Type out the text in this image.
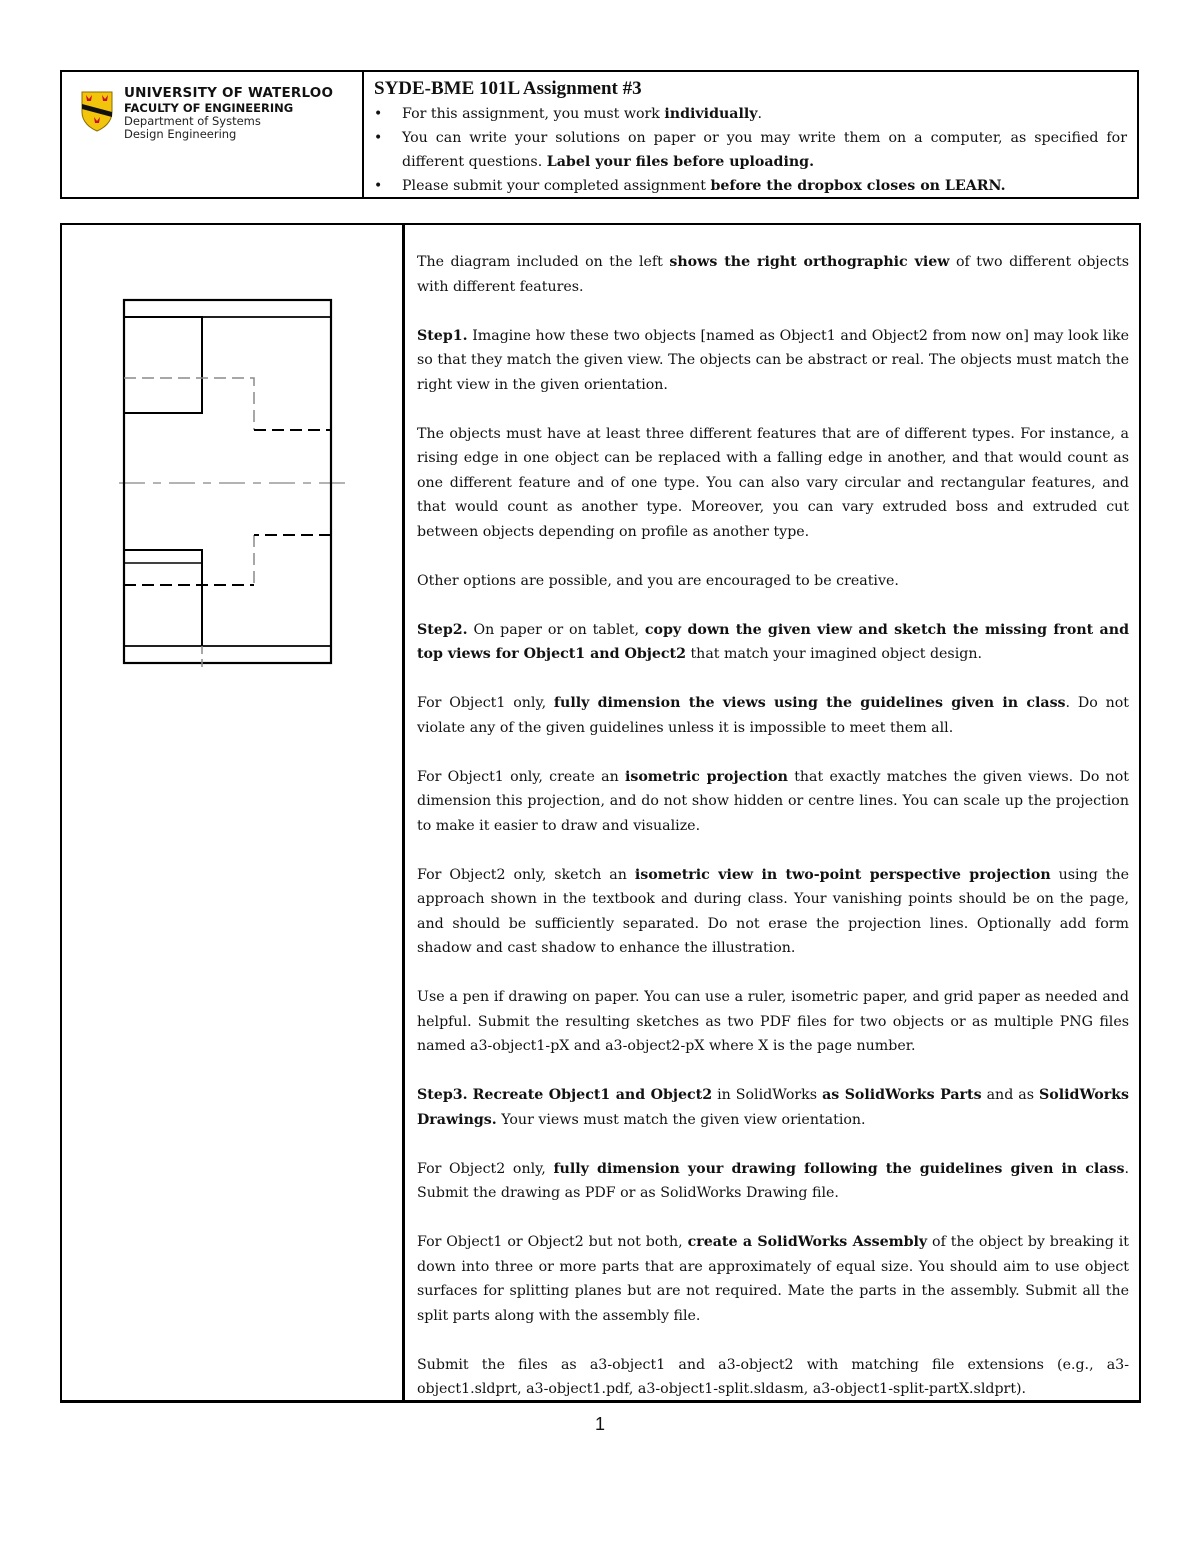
UNIVERSITY OF WATERLOO
FACULTY OF ENGINEERING
Department of Systems
Design Engineering
SYDE-BME 101L Assignment #3
• For this assignment, you must work individually.
• You can write your solutions on paper or you may write them on a computer, as specified for different questions. Label your files before uploading.
• Please submit your completed assignment before the dropbox closes on LEARN.

The diagram included on the left shows the right orthographic view of two different objects with different features.

Step1. Imagine how these two objects [named as Object1 and Object2 from now on] may look like so that they match the given view. The objects can be abstract or real. The objects must match the right view in the given orientation.

The objects must have at least three different features that are of different types. For instance, a rising edge in one object can be replaced with a falling edge in another, and that would count as one different feature and of one type. You can also vary circular and rectangular features, and that would count as another type. Moreover, you can vary extruded boss and extruded cut between objects depending on profile as another type.

Other options are possible, and you are encouraged to be creative.

Step2. On paper or on tablet, copy down the given view and sketch the missing front and top views for Object1 and Object2 that match your imagined object design.

For Object1 only, fully dimension the views using the guidelines given in class. Do not violate any of the given guidelines unless it is impossible to meet them all.

For Object1 only, create an isometric projection that exactly matches the given views. Do not dimension this projection, and do not show hidden or centre lines. You can scale up the projection to make it easier to draw and visualize.

For Object2 only, sketch an isometric view in two-point perspective projection using the approach shown in the textbook and during class. Your vanishing points should be on the page, and should be sufficiently separated. Do not erase the projection lines. Optionally add form shadow and cast shadow to enhance the illustration.

Use a pen if drawing on paper. You can use a ruler, isometric paper, and grid paper as needed and helpful. Submit the resulting sketches as two PDF files for two objects or as multiple PNG files named a3-object1-pX and a3-object2-pX where X is the page number.

Step3. Recreate Object1 and Object2 in SolidWorks as SolidWorks Parts and as SolidWorks Drawings. Your views must match the given view orientation.

For Object2 only, fully dimension your drawing following the guidelines given in class. Submit the drawing as PDF or as SolidWorks Drawing file.

For Object1 or Object2 but not both, create a SolidWorks Assembly of the object by breaking it down into three or more parts that are approximately of equal size. You should aim to use object surfaces for splitting planes but are not required. Mate the parts in the assembly. Submit all the split parts along with the assembly file.

Submit the files as a3-object1 and a3-object2 with matching file extensions (e.g., a3-object1.sldprt, a3-object1.pdf, a3-object1-split.sldasm, a3-object1-split-partX.sldprt).

1
